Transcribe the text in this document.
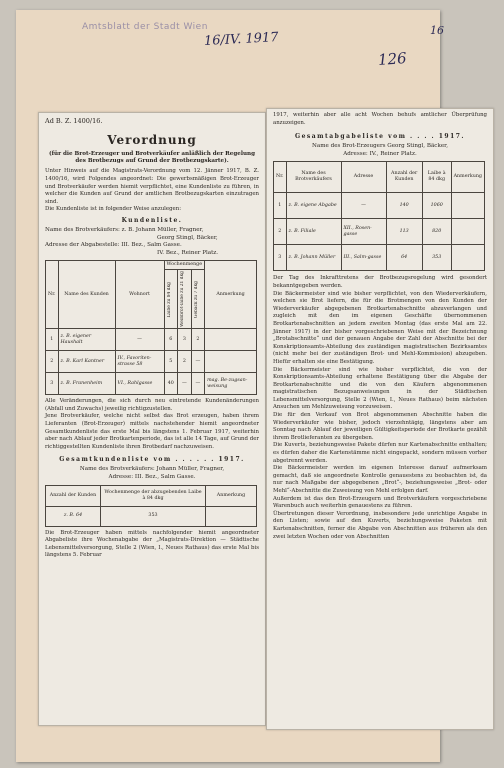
Amtsblatt der Stadt Wien
16/IV. 1917
126
16
Ad B. Z. 1400/16.
Verordnung
(für die Brot-Erzeuger und Brotverkäufer anläßlich der Regelung des Brotbezugs auf Grund der Brotbezugskarte).

Unter Hinweis auf die Magistrats-Verordnung vom 12. Jänner 1917, B. Z. 1400/16, wird Folgendes angeordnet: Die gewerbsmäßigen Brot-Erzeuger und Brotverkäufer werden hiemit verpflichtet, eine Kundenliste zu führen, in welcher die Kunden auf Grund der amtlichen Brotbezugskarten einzutragen sind.

Die Kundenliste ist in folgender Weise anzulegen:

Kundenliste.
Name des Brotverkäufers: z. B. Johann Müller, Fragner,
Georg Stingl, Bäcker,
Adresse der Abgabestelle: III. Bez., Salm Gasse.
IV. Bez., Reiner Platz.
Nr.	Name des Kunden	Wohnort	Wochenmenge			Anmerkung

			Laibe zu 84 dkg	Weißbrot-laibe zu 21 dkg	Gebäck zu 7 dkg	

1	z. B. eigener Haushalt	—	6	3	2	
2	z. B. Karl Kantner	IV., Favoriten-strasse 58	5	2	—	
3	z. B. Franenheim	VI., Rahlgasse	40	—	—	mag. Be-zugsan-weisung

Alle Veränderungen, die sich durch neu eintretende Kundenänderungen (Abfall und Zuwachs) jeweilig richtigzustellen.

Jene Brotverkäufer, welche nicht selbst das Brot erzeugen, haben ihrem Lieferanten (Brot-Erzeuger) mittels nachstehender hiemit angeordneter Gesamtkundenliste das erste Mal bis längstens 1. Februar 1917, weiterhin aber nach Ablauf jeder Brotkartenperiode, das ist alle 14 Tage, auf Grund der richtiggestellten Kundenliste ihren Brotbedarf nachzuweisen.

Gesamtkundenliste vom . . . . . . 1917.
Name des Brotverkäufers: Johann Müller, Fragner,
Adresse: III. Bez., Salm Gasse.
Anzahl der Kunden	Wochenmenge der abzugebenden Laibe à 84 dkg	Anmerkung
z. B. 64	353	

Die Brot-Erzeuger haben mittels nachfolgender hiemit angeordneter Abgabeliste ihre Wochenabgabe der „Magistrats-Direktion — Städtische Lebensmittelversorgung, Stelle 2 (Wien, I., Neues Rathaus) das erste Mal bis längstens 5. Februar

1917, weiterhin aber alle acht Wochen behufs amtlicher Überprüfung anzuzeigen.

Gesamtabgabeliste vom . . . . 1917.
Name des Brot-Erzeugers Georg Stingl, Bäcker,
Adresse: IV., Reiner Platz.
Nr.	Name des Brotverkäufers	Adresse	Anzahl der Kunden	Laibe à 84 dkg	Anmerkung
1	z. B. eigene Abgabe	—	140	1060	
2	z. B. Filiale	XII., Rosen-gasse	113	820	
3	z. B. Johann Müller	III., Salm-gasse	64	353	

Der Tag des Inkrafttretens der Brotbezugsregelung wird gesondert bekanntgegeben werden.

Die Bäckermeister sind wie bisher verpflichtet, von den Wiederverkäufern, welchen sie Brot liefern, die für die Brotmengen von den Kunden der Wiederverkäufer abgegebenen Brotkartenabschnitte abzuverlangen und zugleich mit den im eigenen Geschäfte übernommenen Brotkartenabschnitten an jedem zweiten Montag (das erste Mal am 22. Jänner 1917) in der bisher vorgeschriebenen Weise mit der Bezeichnung „Brotabschnitte“ und der genauen Angabe der Zahl der Abschnitte bei der Konskriptionsamts-Abteilung des zuständigen magistratischen Bezirksamtes (nicht mehr bei der zuständigen Brot- und Mehl-Kommission) abzugeben. Hiefür erhalten sie eine Bestätigung.

Die Bäckermeister sind wie bisher verpflichtet, die von der Konskriptionsamts-Abteilung erhaltene Bestätigung über die Abgabe der Brotkartenabschnitte und die von den Käufern abgenommenen magistratischen Bezugsanweisungen in der Städtischen Lebensmittelversorgung, Stelle 2 (Wien, I., Neues Rathaus) beim nächsten Ansuchen um Mehlzuweisung vorzuweisen.

Die für den Verkauf von Brot abgenommenen Abschnitte haben die Wiederverkäufer wie bisher, jedoch vierzehntägig, längstens aber am Sonntag nach Ablauf der jeweiligen Gültigkeitsperiode der Brotkarte gezählt ihrem Brotlieferanten zu übergeben.

Die Kuverts, beziehungsweise Pakete dürfen nur Kartenabschnitte enthalten; es dürfen daher die Kartenstämme nicht eingepackt, sondern müssen vorher abgetrennt werden.

Die Bäckermeister werden im eigenen Interesse darauf aufmerksam gemacht, daß sie angeordnete Kontrolle genauestens zu beobachten ist, da nur nach Maßgabe der abgegebenen „Brot“-, beziehungsweise „Brot- oder Mehl“-Abschnitte die Zuweisung von Mehl erfolgen darf.

Außerdem ist das den Brot-Erzeugern und Brotverkäufern vorgeschriebene Warenbuch auch weiterhin genauestens zu führen.

Übertretungen dieser Verordnung, insbesondere jede unrichtige Angabe in den Listen; sowie auf den Kuverts, beziehungsweise Paketen mit Kartenabschnitten, ferner die Abgabe von Abschnitten aus früheren als den zwei letzten Wochen oder von Abschnitten
